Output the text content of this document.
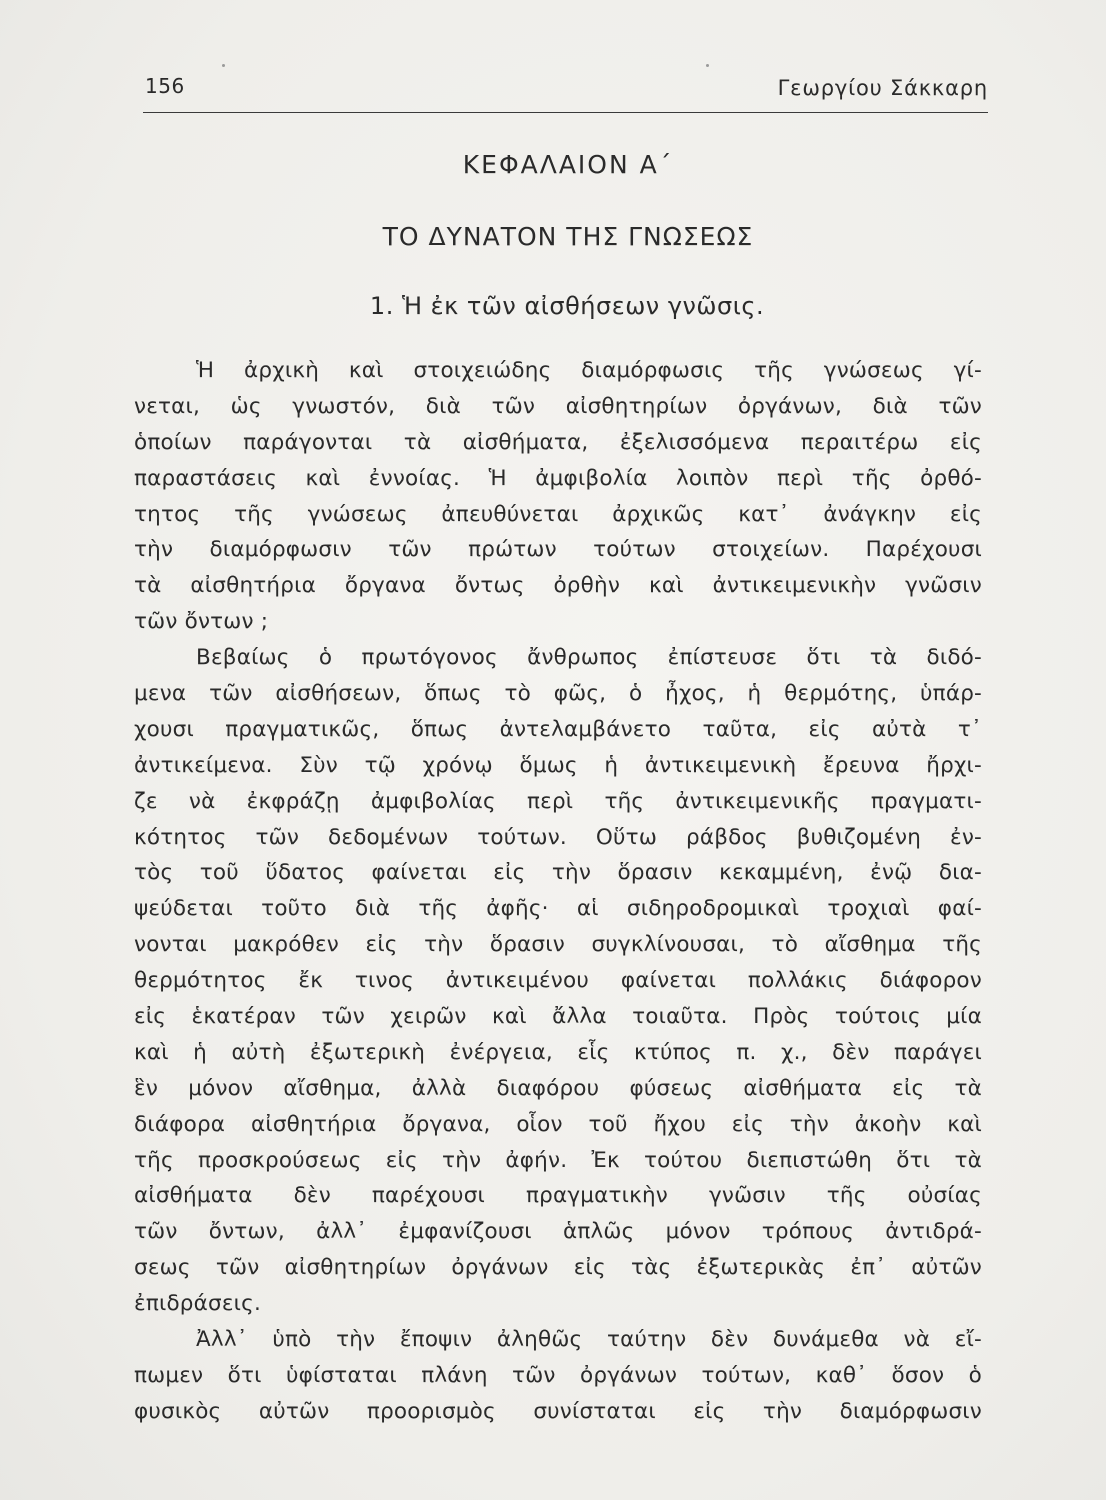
156	Γεωργίου Σάκκαρη
ΚΕΦΑΛΑΙΟΝ Α΄
ΤΟ ΔΥΝΑΤΟΝ ΤΗΣ ΓΝΩΣΕΩΣ
1. Ἡ ἐκ τῶν αἰσθήσεων γνῶσις.
Ἡ ἀρχικὴ καὶ στοιχειώδης διαμόρφωσις τῆς γνώσεως γί-
νεται, ὡς γνωστόν, διὰ τῶν αἰσθητηρίων ὀργάνων, διὰ τῶν
ὁποίων παράγονται τὰ αἰσθήματα, ἐξελισσόμενα περαιτέρω εἰς
παραστάσεις καὶ ἐννοίας. Ἡ ἀμφιβολία λοιπὸν περὶ τῆς ὀρθό-
τητος τῆς γνώσεως ἀπευθύνεται ἀρχικῶς κατ᾿ ἀνάγκην εἰς
τὴν διαμόρφωσιν τῶν πρώτων τούτων στοιχείων. Παρέχουσι
τὰ αἰσθητήρια ὄργανα ὄντως ὀρθὴν καὶ ἀντικειμενικὴν γνῶσιν
τῶν ὄντων ;
Βεβαίως ὁ πρωτόγονος ἄνθρωπος ἐπίστευσε ὅτι τὰ διδό-
μενα τῶν αἰσθήσεων, ὅπως τὸ φῶς, ὁ ἦχος, ἡ θερμότης, ὑπάρ-
χουσι πραγματικῶς, ὅπως ἀντελαμβάνετο ταῦτα, εἰς αὐτὰ τ᾿
ἀντικείμενα. Σὺν τῷ χρόνῳ ὅμως ἡ ἀντικειμενικὴ ἔρευνα ἤρχι-
ζε νὰ ἐκφράζῃ ἀμφιβολίας περὶ τῆς ἀντικειμενικῆς πραγματι-
κότητος τῶν δεδομένων τούτων. Οὕτω ράβδος βυθιζομένη ἐν-
τὸς τοῦ ὕδατος φαίνεται εἰς τὴν ὅρασιν κεκαμμένη, ἐνῷ δια-
ψεύδεται τοῦτο διὰ τῆς ἀφῆς· αἱ σιδηροδρομικαὶ τροχιαὶ φαί-
νονται μακρόθεν εἰς τὴν ὅρασιν συγκλίνουσαι, τὸ αἴσθημα τῆς
θερμότητος ἔκ τινος ἀντικειμένου φαίνεται πολλάκις διάφορον
εἰς ἑκατέραν τῶν χειρῶν καὶ ἄλλα τοιαῦτα. Πρὸς τούτοις μία
καὶ ἡ αὐτὴ ἐξωτερικὴ ἐνέργεια, εἷς κτύπος π. χ., δὲν παράγει
ἓν μόνον αἴσθημα, ἀλλὰ διαφόρου φύσεως αἰσθήματα εἰς τὰ
διάφορα αἰσθητήρια ὄργανα, οἷον τοῦ ἤχου εἰς τὴν ἀκοὴν καὶ
τῆς προσκρούσεως εἰς τὴν ἀφήν. Ἐκ τούτου διεπιστώθη ὅτι τὰ
αἰσθήματα δὲν παρέχουσι πραγματικὴν γνῶσιν τῆς οὐσίας
τῶν ὄντων, ἀλλ᾿ ἐμφανίζουσι ἁπλῶς μόνον τρόπους ἀντιδρά-
σεως τῶν αἰσθητηρίων ὀργάνων εἰς τὰς ἐξωτερικὰς ἐπ᾿ αὐτῶν
ἐπιδράσεις.
Ἀλλ᾿ ὑπὸ τὴν ἔποψιν ἀληθῶς ταύτην δὲν δυνάμεθα νὰ εἴ-
πωμεν ὅτι ὑφίσταται πλάνη τῶν ὀργάνων τούτων, καθ᾿ ὅσον ὁ
φυσικὸς αὐτῶν προορισμὸς συνίσταται εἰς τὴν διαμόρφωσιν
